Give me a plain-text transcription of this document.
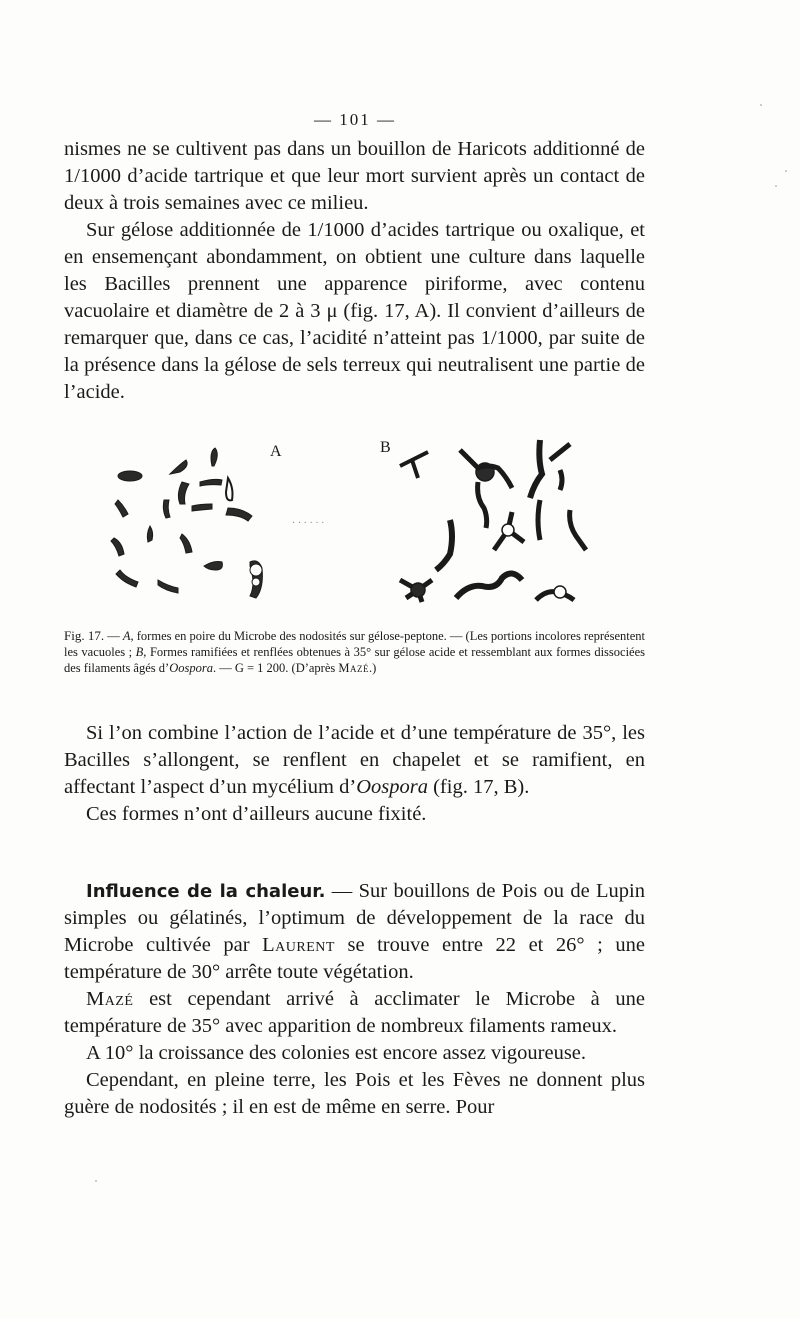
— 101 —

nismes ne se cultivent pas dans un bouillon de Haricots additionné de 1/1000 d’acide tartrique et que leur mort survient après un contact de deux à trois semaines avec ce milieu.

Sur gélose additionnée de 1/1000 d’acides tartrique ou oxalique, et en ensemençant abondamment, on obtient une culture dans laquelle les Bacilles prennent une apparence piriforme, avec contenu vacuolaire et diamètre de 2 à 3 μ (fig. 17, A). Il convient d’ailleurs de remarquer que, dans ce cas, l’acidité n’atteint pas 1/1000, par suite de la présence dans la gélose de sels terreux qui neutralisent une partie de l’acide.

A	B
· · · · · ·
Fig. 17. — A, formes en poire du Microbe des nodosités sur gélose-peptone. — (Les portions incolores représentent les vacuoles ; B, Formes ramifiées et renflées obtenues à 35° sur gélose acide et ressemblant aux formes dissociées des filaments âgés d’Oospora. — G = 1 200. (D’après Mazé.)

Si l’on combine l’action de l’acide et d’une température de 35°, les Bacilles s’allongent, se renflent en chapelet et se ramifient, en affectant l’aspect d’un mycélium d’Oospora (fig. 17, B).

Ces formes n’ont d’ailleurs aucune fixité.

Influence de la chaleur. — Sur bouillons de Pois ou de Lupin simples ou gélatinés, l’optimum de développement de la race du Microbe cultivée par Laurent se trouve entre 22 et 26° ; une température de 30° arrête toute végétation.

Mazé est cependant arrivé à acclimater le Microbe à une température de 35° avec apparition de nombreux filaments rameux.

A 10° la croissance des colonies est encore assez vigoureuse.

Cependant, en pleine terre, les Pois et les Fèves ne donnent plus guère de nodosités ; il en est de même en serre. Pour
